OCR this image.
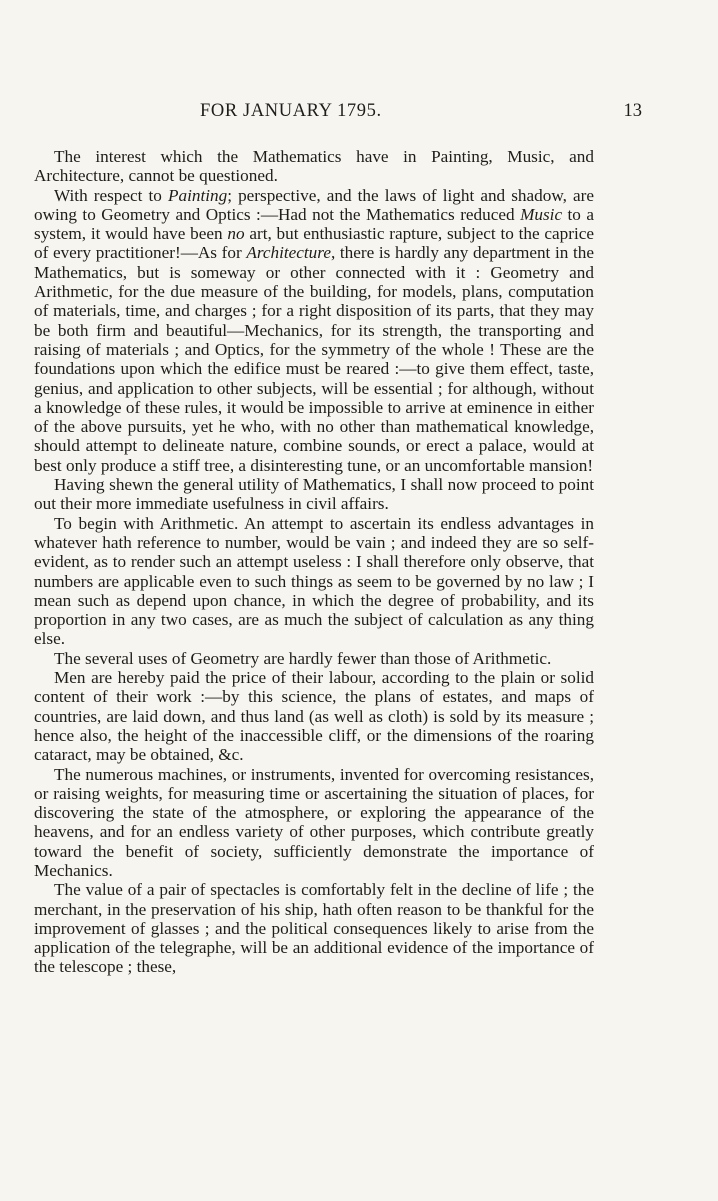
FOR JANUARY 1795.	13

The interest which the Mathematics have in Painting, Music, and Architecture, cannot be questioned.

With respect to Painting; perspective, and the laws of light and shadow, are owing to Geometry and Optics :—Had not the Mathematics reduced Music to a system, it would have been no art, but enthusiastic rapture, subject to the caprice of every practitioner!—As for Architecture, there is hardly any department in the Mathematics, but is someway or other connected with it : Geometry and Arithmetic, for the due measure of the building, for models, plans, computation of materials, time, and charges ; for a right disposition of its parts, that they may be both firm and beautiful—Mechanics, for its strength, the transporting and raising of materials ; and Optics, for the symmetry of the whole ! These are the foundations upon which the edifice must be reared :—to give them effect, taste, genius, and application to other subjects, will be essential ; for although, without a knowledge of these rules, it would be impossible to arrive at eminence in either of the above pursuits, yet he who, with no other than mathematical knowledge, should attempt to delineate nature, combine sounds, or erect a palace, would at best only produce a stiff tree, a disinteresting tune, or an uncomfortable mansion!

Having shewn the general utility of Mathematics, I shall now proceed to point out their more immediate usefulness in civil affairs.

To begin with Arithmetic. An attempt to ascertain its endless advantages in whatever hath reference to number, would be vain ; and indeed they are so self-evident, as to render such an attempt useless : I shall therefore only observe, that numbers are applicable even to such things as seem to be governed by no law ; I mean such as depend upon chance, in which the degree of probability, and its proportion in any two cases, are as much the subject of calculation as any thing else.

The several uses of Geometry are hardly fewer than those of Arithmetic.

Men are hereby paid the price of their labour, according to the plain or solid content of their work :—by this science, the plans of estates, and maps of countries, are laid down, and thus land (as well as cloth) is sold by its measure ; hence also, the height of the inaccessible cliff, or the dimensions of the roaring cataract, may be obtained, &c.

The numerous machines, or instruments, invented for overcoming resistances, or raising weights, for measuring time or ascertaining the situation of places, for discovering the state of the atmosphere, or exploring the appearance of the heavens, and for an endless variety of other purposes, which contribute greatly toward the benefit of society, sufficiently demonstrate the importance of Mechanics.

The value of a pair of spectacles is comfortably felt in the decline of life ; the merchant, in the preservation of his ship, hath often reason to be thankful for the improvement of glasses ; and the political consequences likely to arise from the application of the telegraphe, will be an additional evidence of the importance of the telescope ; these,
